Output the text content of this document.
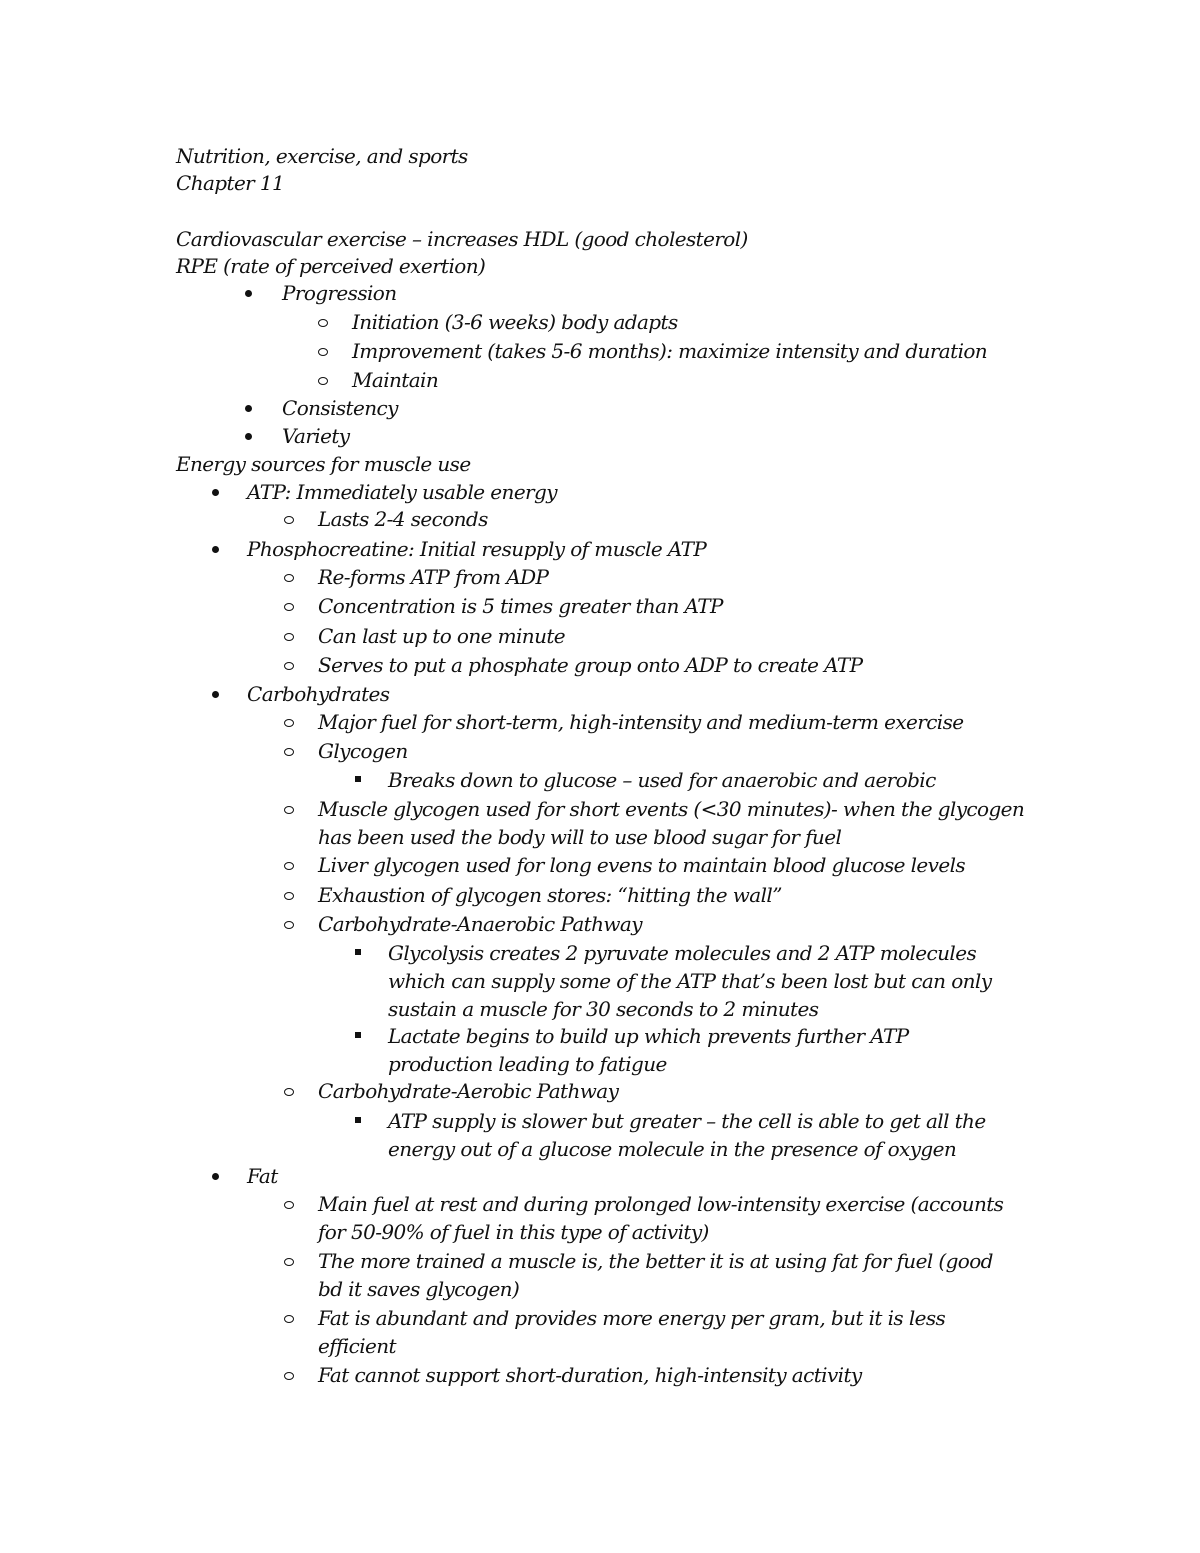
Nutrition, exercise, and sports
Chapter 11
Cardiovascular exercise – increases HDL (good cholesterol)
RPE (rate of perceived exertion)
Progression
Initiation (3-6 weeks) body adapts
Improvement (takes 5-6 months): maximize intensity and duration
Maintain
Consistency
Variety
Energy sources for muscle use
ATP: Immediately usable energy
Lasts 2-4 seconds
Phosphocreatine: Initial resupply of muscle ATP
Re-forms ATP from ADP
Concentration is 5 times greater than ATP
Can last up to one minute
Serves to put a phosphate group onto ADP to create ATP
Carbohydrates
Major fuel for short-term, high-intensity and medium-term exercise
Glycogen
Breaks down to glucose – used for anaerobic and aerobic
Muscle glycogen used for short events (<30 minutes)- when the glycogen
has been used the body will to use blood sugar for fuel
Liver glycogen used for long evens to maintain blood glucose levels
Exhaustion of glycogen stores: “hitting the wall”
Carbohydrate-Anaerobic Pathway
Glycolysis creates 2 pyruvate molecules and 2 ATP molecules
which can supply some of the ATP that’s been lost but can only
sustain a muscle for 30 seconds to 2 minutes
Lactate begins to build up which prevents further ATP
production leading to fatigue
Carbohydrate-Aerobic Pathway
ATP supply is slower but greater – the cell is able to get all the
energy out of a glucose molecule in the presence of oxygen
Fat
Main fuel at rest and during prolonged low-intensity exercise (accounts
for 50-90% of fuel in this type of activity)
The more trained a muscle is, the better it is at using fat for fuel (good
bd it saves glycogen)
Fat is abundant and provides more energy per gram, but it is less
efficient
Fat cannot support short-duration, high-intensity activity
